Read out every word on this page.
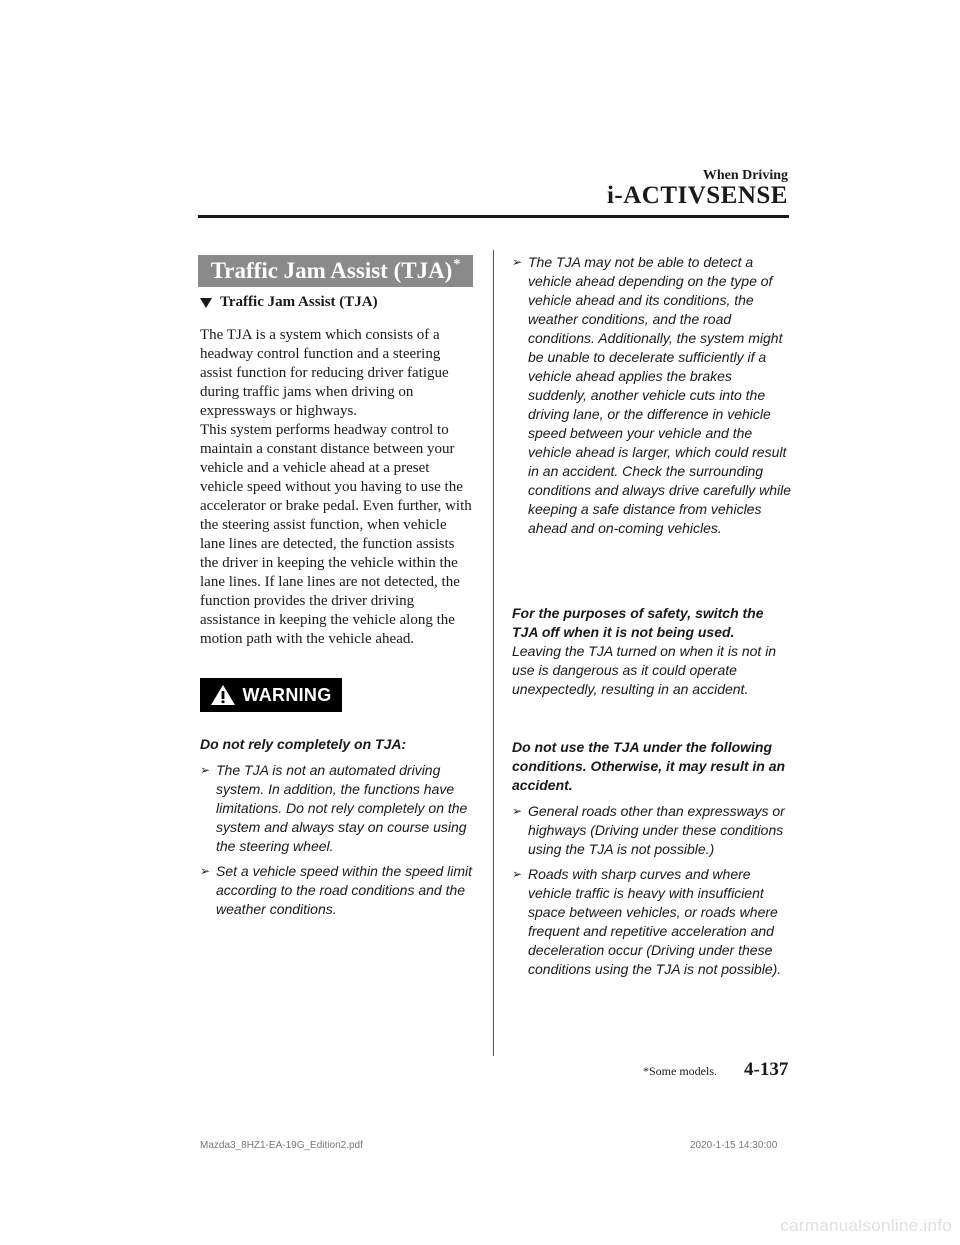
When Driving
i-ACTIVSENSE
Traffic Jam Assist (TJA)*
Traffic Jam Assist (TJA)

The TJA is a system which consists of a headway control function and a steering assist function for reducing driver fatigue during traffic jams when driving on expressways or highways.

This system performs headway control to maintain a constant distance between your vehicle and a vehicle ahead at a preset vehicle speed without you having to use the accelerator or brake pedal. Even further, with the steering assist function, when vehicle lane lines are detected, the function assists the driver in keeping the vehicle within the lane lines. If lane lines are not detected, the function provides the driver driving assistance in keeping the vehicle along the motion path with the vehicle ahead.

WARNING
Do not rely completely on TJA:
➢ The TJA is not an automated driving system. In addition, the functions have limitations. Do not rely completely on the system and always stay on course using the steering wheel.
➢ Set a vehicle speed within the speed limit according to the road conditions and the weather conditions.
➢ The TJA may not be able to detect a vehicle ahead depending on the type of vehicle ahead and its conditions, the weather conditions, and the road conditions. Additionally, the system might be unable to decelerate sufficiently if a vehicle ahead applies the brakes suddenly, another vehicle cuts into the driving lane, or the difference in vehicle speed between your vehicle and the vehicle ahead is larger, which could result in an accident. Check the surrounding conditions and always drive carefully while keeping a safe distance from vehicles ahead and on-coming vehicles.
For the purposes of safety, switch the TJA off when it is not being used.
Leaving the TJA turned on when it is not in use is dangerous as it could operate unexpectedly, resulting in an accident.
Do not use the TJA under the following conditions. Otherwise, it may result in an accident.
➢ General roads other than expressways or highways (Driving under these conditions using the TJA is not possible.)
➢ Roads with sharp curves and where vehicle traffic is heavy with insufficient space between vehicles, or roads where frequent and repetitive acceleration and deceleration occur (Driving under these conditions using the TJA is not possible).
*Some models. 4-137
Mazda3_8HZ1-EA-19G_Edition2.pdf	2020-1-15 14:30:00
carmanualsonline.info
